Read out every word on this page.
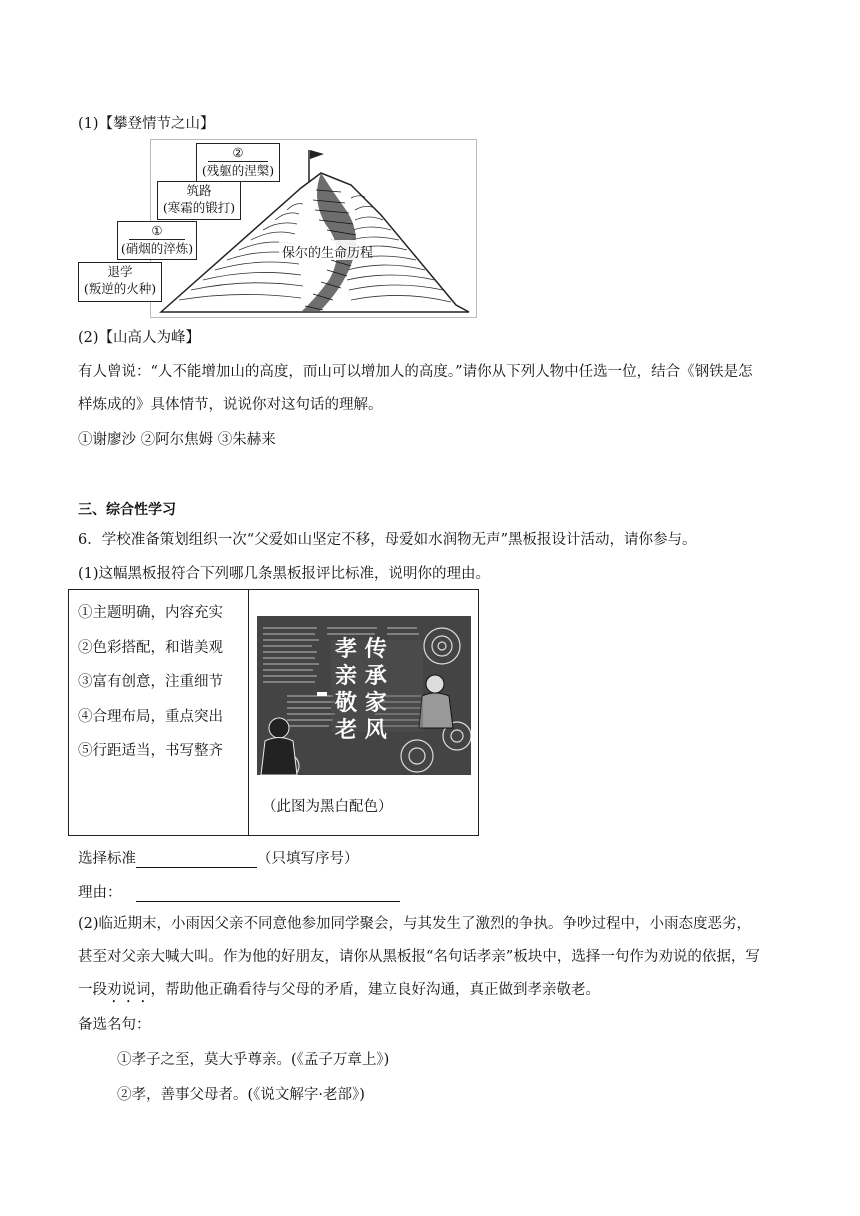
(1)【攀登情节之山】
保尔的生命历程
②
(残躯的涅槃)
筑路
(寒霜的锻打)
①
(硝烟的淬炼)
退学
(叛逆的火种)
(2)【山高人为峰】
有人曾说：“人不能增加山的高度，而山可以增加人的高度。”请你从下列人物中任选一位，结合《钢铁是怎
样炼成的》具体情节，说说你对这句话的理解。
①谢廖沙 ②阿尔焦姆 ③朱赫来
三、综合性学习
6．学校准备策划组织一次“父爱如山坚定不移，母爱如水润物无声”黑板报设计活动，请你参与。
(1)这幅黑板报符合下列哪几条黑板报评比标准，说明你的理由。
①主题明确，内容充实
②色彩搭配，和谐美观
③富有创意，注重细节
④合理布局，重点突出
⑤行距适当，书写整齐

孝 传
亲 承
敬 家
老 风
（此图为黑白配色）
选择标准	（只填写序号）
理由：
(2)临近期末，小雨因父亲不同意他参加同学聚会，与其发生了激烈的争执。争吵过程中，小雨态度恶劣，
甚至对父亲大喊大叫。作为他的好朋友，请你从黑板报“名句话孝亲”板块中，选择一句作为劝说的依据，写
一段劝说词，帮助他正确看待与父母的矛盾，建立良好沟通，真正做到孝亲敬老。
备选名句：
①孝子之至，莫大乎尊亲。(《孟子万章上》)
②孝，善事父母者。(《说文解字·老部》)
